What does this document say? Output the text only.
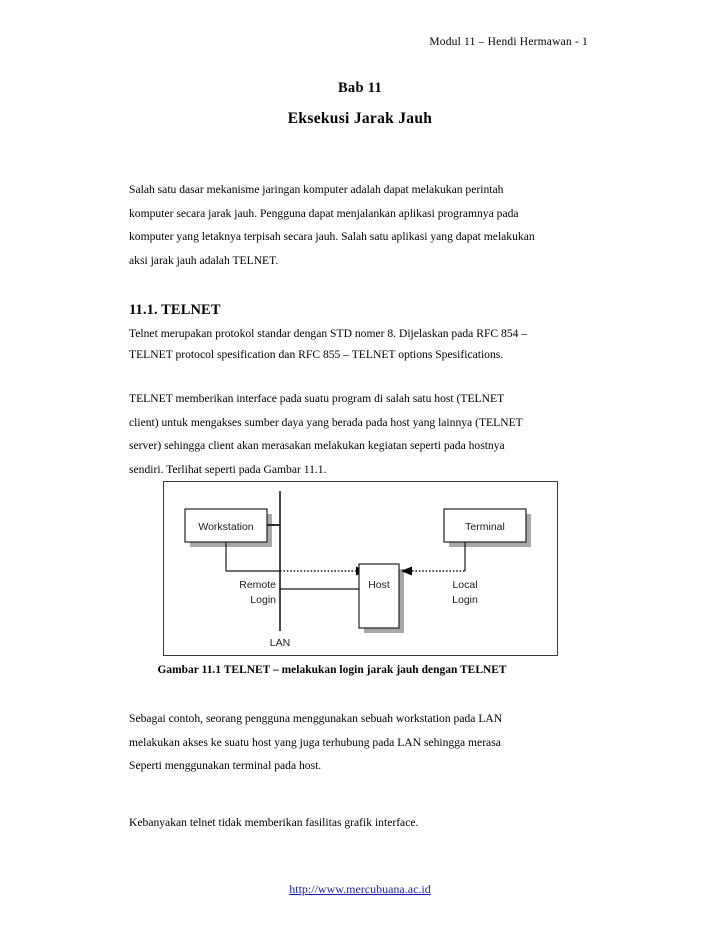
Modul 11 – Hendi Hermawan - 1
Bab 11
Eksekusi Jarak Jauh

Salah satu dasar mekanisme jaringan komputer adalah dapat melakukan perintah komputer secara jarak jauh. Pengguna dapat menjalankan aplikasi programnya pada komputer yang letaknya terpisah secara jauh. Salah satu aplikasi yang dapat melakukan aksi jarak jauh adalah TELNET.

11.1. TELNET

Telnet merupakan protokol standar dengan STD nomer 8. Dijelaskan pada RFC 854 – TELNET protocol spesification dan RFC 855 – TELNET options Spesifications.

TELNET memberikan interface pada suatu program di salah satu host (TELNET client) untuk mengakses sumber daya yang berada pada host yang lainnya (TELNET server) sehingga client akan merasakan melakukan kegiatan seperti pada hostnya sendiri. Terlihat seperti pada Gambar 11.1.

Workstation
Host
Terminal
Remote
Login
Local
Login
LAN
Gambar 11.1 TELNET – melakukan login jarak jauh dengan TELNET

Sebagai contoh, seorang pengguna menggunakan sebuah workstation pada LAN melakukan akses ke suatu host yang juga terhubung pada LAN sehingga merasa Seperti menggunakan terminal pada host.

Kebanyakan telnet tidak memberikan fasilitas grafik interface.

http://www.mercubuana.ac.id
